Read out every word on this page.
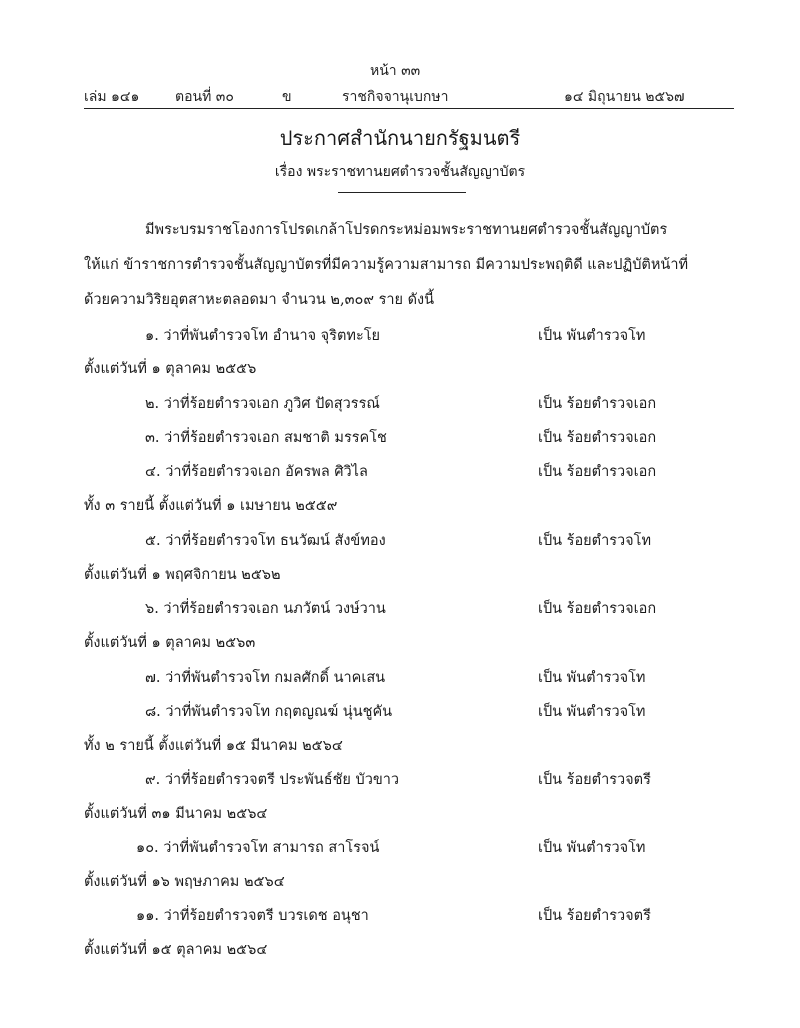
หน้า ๓๓
เล่ม ๑๔๑	ตอนที่ ๓๐	ข	ราชกิจจานุเบกษา	๑๔ มิถุนายน ๒๕๖๗
ประกาศสำนักนายกรัฐมนตรี
เรื่อง พระราชทานยศตำรวจชั้นสัญญาบัตร
มีพระบรมราชโองการโปรดเกล้าโปรดกระหม่อมพระราชทานยศตำรวจชั้นสัญญาบัตร
ให้แก่ ข้าราชการตำรวจชั้นสัญญาบัตรที่มีความรู้ความสามารถ มีความประพฤติดี และปฏิบัติหน้าที่
ด้วยความวิริยอุตสาหะตลอดมา จำนวน ๒,๓๐๙ ราย ดังนี้
๑. ว่าที่พันตำรวจโท อำนาจ จุริตทะโย	เป็น พันตำรวจโท
ตั้งแต่วันที่ ๑ ตุลาคม ๒๕๕๖
๒. ว่าที่ร้อยตำรวจเอก ภูวิศ ปัดสุวรรณ์	เป็น ร้อยตำรวจเอก
๓. ว่าที่ร้อยตำรวจเอก สมชาติ มรรคโช	เป็น ร้อยตำรวจเอก
๔. ว่าที่ร้อยตำรวจเอก อัครพล ศิวิไล	เป็น ร้อยตำรวจเอก
ทั้ง ๓ รายนี้ ตั้งแต่วันที่ ๑ เมษายน ๒๕๕๙
๕. ว่าที่ร้อยตำรวจโท ธนวัฒน์ สังข์ทอง	เป็น ร้อยตำรวจโท
ตั้งแต่วันที่ ๑ พฤศจิกายน ๒๕๖๒
๖. ว่าที่ร้อยตำรวจเอก นภวัตน์ วงษ์วาน	เป็น ร้อยตำรวจเอก
ตั้งแต่วันที่ ๑ ตุลาคม ๒๕๖๓
๗. ว่าที่พันตำรวจโท กมลศักดิ์ นาคเสน	เป็น พันตำรวจโท
๘. ว่าที่พันตำรวจโท กฤตญณฆ์ นุ่นชูคัน	เป็น พันตำรวจโท
ทั้ง ๒ รายนี้ ตั้งแต่วันที่ ๑๕ มีนาคม ๒๕๖๔
๙. ว่าที่ร้อยตำรวจตรี ประพันธ์ชัย บัวขาว	เป็น ร้อยตำรวจตรี
ตั้งแต่วันที่ ๓๑ มีนาคม ๒๕๖๔
๑๐. ว่าที่พันตำรวจโท สามารถ สาโรจน์	เป็น พันตำรวจโท
ตั้งแต่วันที่ ๑๖ พฤษภาคม ๒๕๖๔
๑๑. ว่าที่ร้อยตำรวจตรี บวรเดช อนุชา	เป็น ร้อยตำรวจตรี
ตั้งแต่วันที่ ๑๕ ตุลาคม ๒๕๖๔
